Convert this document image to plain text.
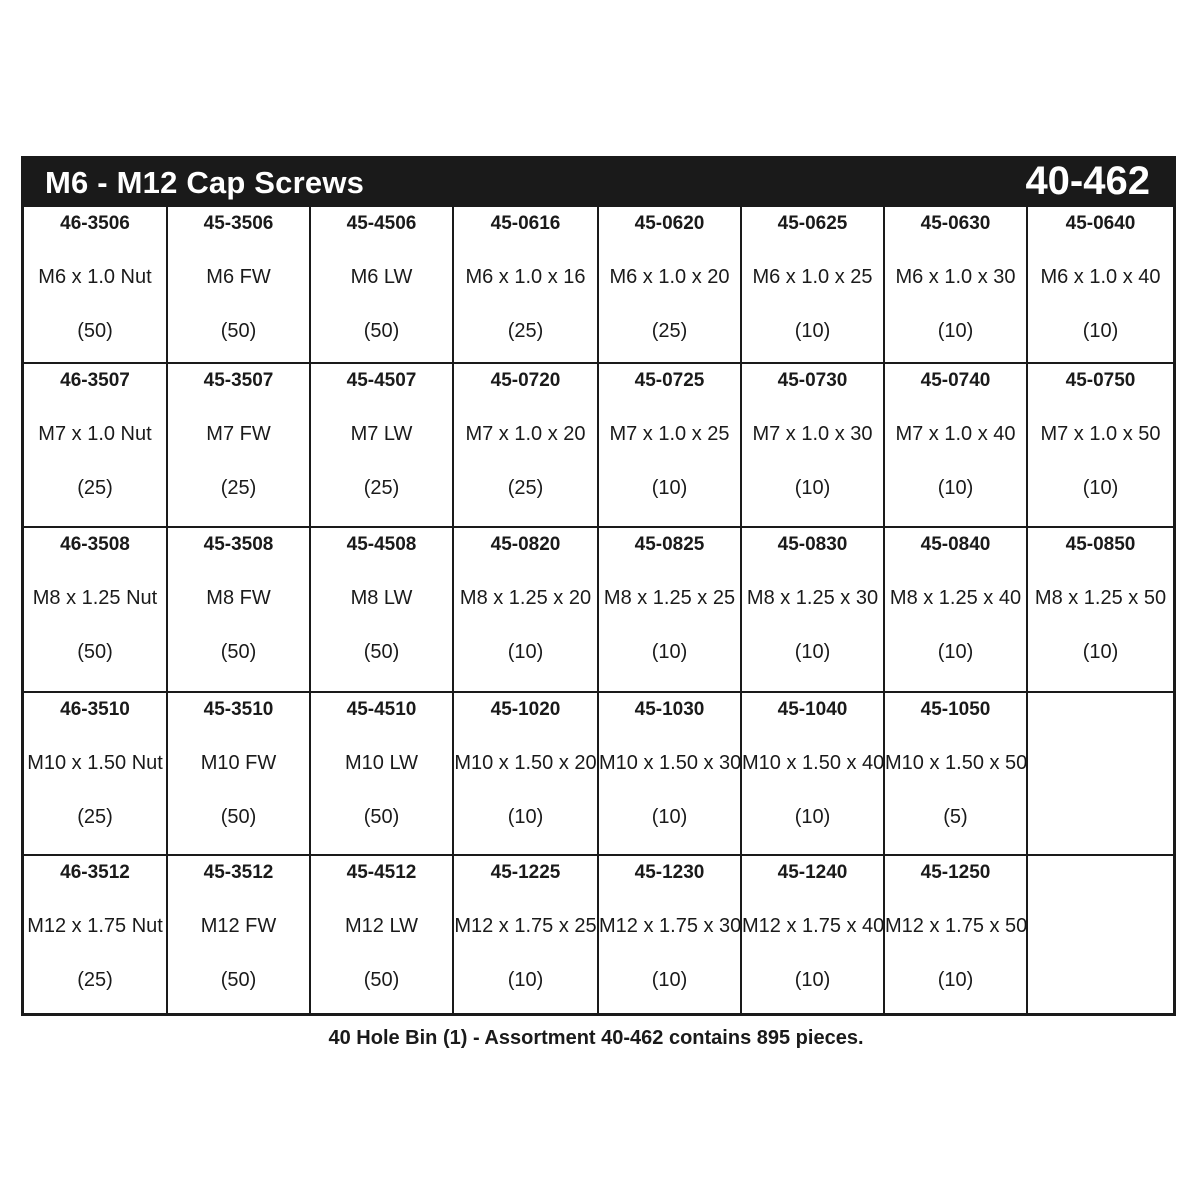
M6 - M12 Cap Screws	40-462
46-3506
M6 x 1.0 Nut
(50)
45-3506
M6 FW
(50)
45-4506
M6 LW
(50)
45-0616
M6 x 1.0 x 16
(25)
45-0620
M6 x 1.0 x 20
(25)
45-0625
M6 x 1.0 x 25
(10)
45-0630
M6 x 1.0 x 30
(10)
45-0640
M6 x 1.0 x 40
(10)
46-3507
M7 x 1.0 Nut
(25)
45-3507
M7 FW
(25)
45-4507
M7 LW
(25)
45-0720
M7 x 1.0 x 20
(25)
45-0725
M7 x 1.0 x 25
(10)
45-0730
M7 x 1.0 x 30
(10)
45-0740
M7 x 1.0 x 40
(10)
45-0750
M7 x 1.0 x 50
(10)
46-3508
M8 x 1.25 Nut
(50)
45-3508
M8 FW
(50)
45-4508
M8 LW
(50)
45-0820
M8 x 1.25 x 20
(10)
45-0825
M8 x 1.25 x 25
(10)
45-0830
M8 x 1.25 x 30
(10)
45-0840
M8 x 1.25 x 40
(10)
45-0850
M8 x 1.25 x 50
(10)
46-3510
M10 x 1.50 Nut
(25)
45-3510
M10 FW
(50)
45-4510
M10 LW
(50)
45-1020
M10 x 1.50 x 20
(10)
45-1030
M10 x 1.50 x 30
(10)
45-1040
M10 x 1.50 x 40
(10)
45-1050
M10 x 1.50 x 50
(5)
46-3512
M12 x 1.75 Nut
(25)
45-3512
M12 FW
(50)
45-4512
M12 LW
(50)
45-1225
M12 x 1.75 x 25
(10)
45-1230
M12 x 1.75 x 30
(10)
45-1240
M12 x 1.75 x 40
(10)
45-1250
M12 x 1.75 x 50
(10)
40 Hole Bin (1) - Assortment 40-462 contains 895 pieces.
